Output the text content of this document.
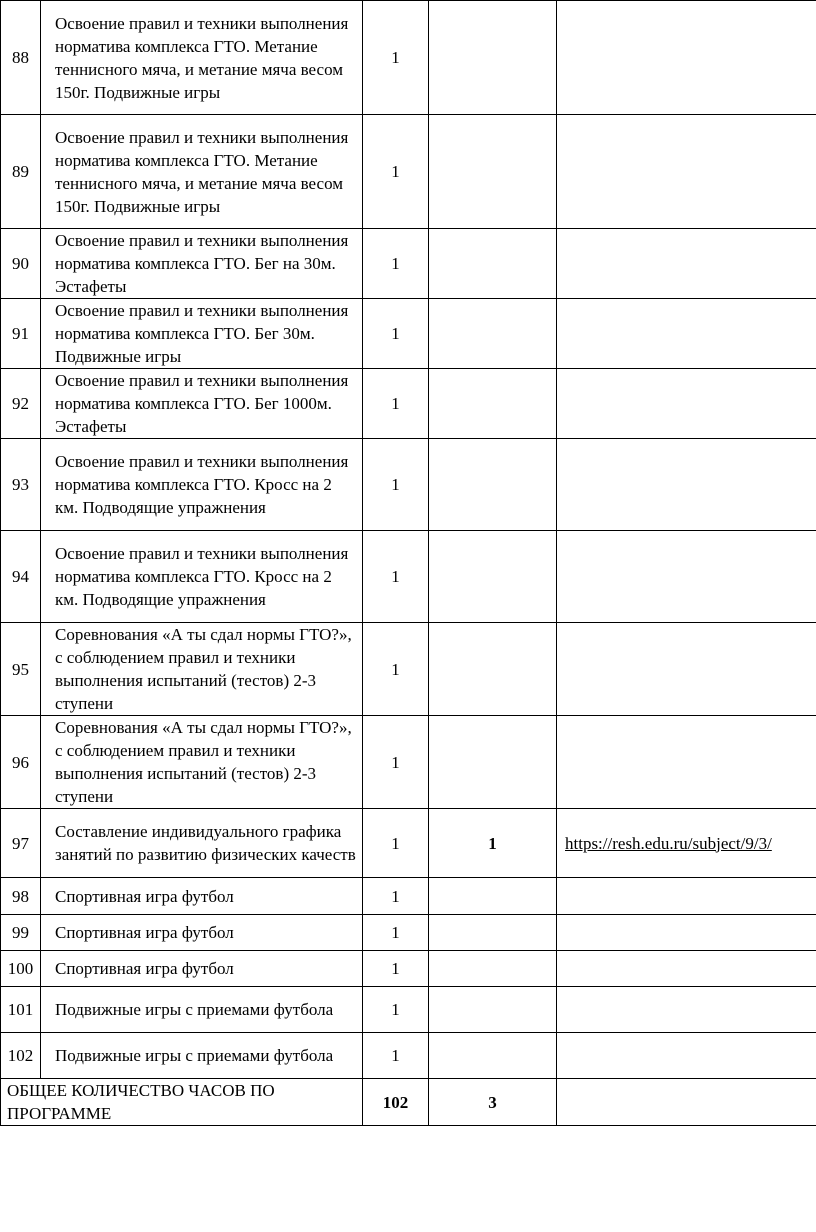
88	Освоение правил и техники выполнения норматива комплекса ГТО. Метание теннисного мяча, и метание мяча весом 150г. Подвижные игры	1		
89	Освоение правил и техники выполнения норматива комплекса ГТО. Метание теннисного мяча, и метание мяча весом 150г. Подвижные игры	1		
90	Освоение правил и техники выполнения норматива комплекса ГТО. Бег на 30м. Эстафеты	1		
91	Освоение правил и техники выполнения норматива комплекса ГТО. Бег 30м. Подвижные игры	1		
92	Освоение правил и техники выполнения норматива комплекса ГТО. Бег 1000м. Эстафеты	1		
93	Освоение правил и техники выполнения норматива комплекса ГТО. Кросс на 2 км. Подводящие упражнения	1		
94	Освоение правил и техники выполнения норматива комплекса ГТО. Кросс на 2 км. Подводящие упражнения	1		
95	Соревнования «А ты сдал нормы ГТО?», с соблюдением правил и техники выполнения испытаний (тестов) 2-3 ступени	1		
96	Соревнования «А ты сдал нормы ГТО?», с соблюдением правил и техники выполнения испытаний (тестов) 2-3 ступени	1		
97	Составление индивидуального графика занятий по развитию физических качеств	1	1	https://resh.edu.ru/subject/9/3/
98	Спортивная игра футбол	1		
99	Спортивная игра футбол	1		
100	Спортивная игра футбол	1		
101	Подвижные игры с приемами футбола	1		
102	Подвижные игры с приемами футбола	1		
ОБЩЕЕ КОЛИЧЕСТВО ЧАСОВ ПО ПРОГРАММЕ		102	3	
